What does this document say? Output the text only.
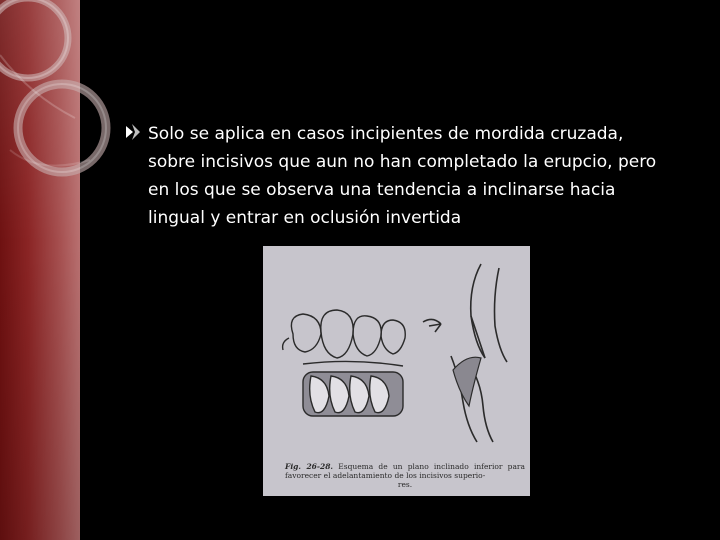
Solo se aplica en casos incipientes de mordida cruzada,
sobre incisivos que aun no han completado la erupcio, pero
en los que se observa una tendencia a inclinarse hacia
lingual y entrar en oclusión invertida
Fig. 26-28. Esquema de un plano inclinado inferior para favorecer el adelantamiento de los incisivos superio-
res.
